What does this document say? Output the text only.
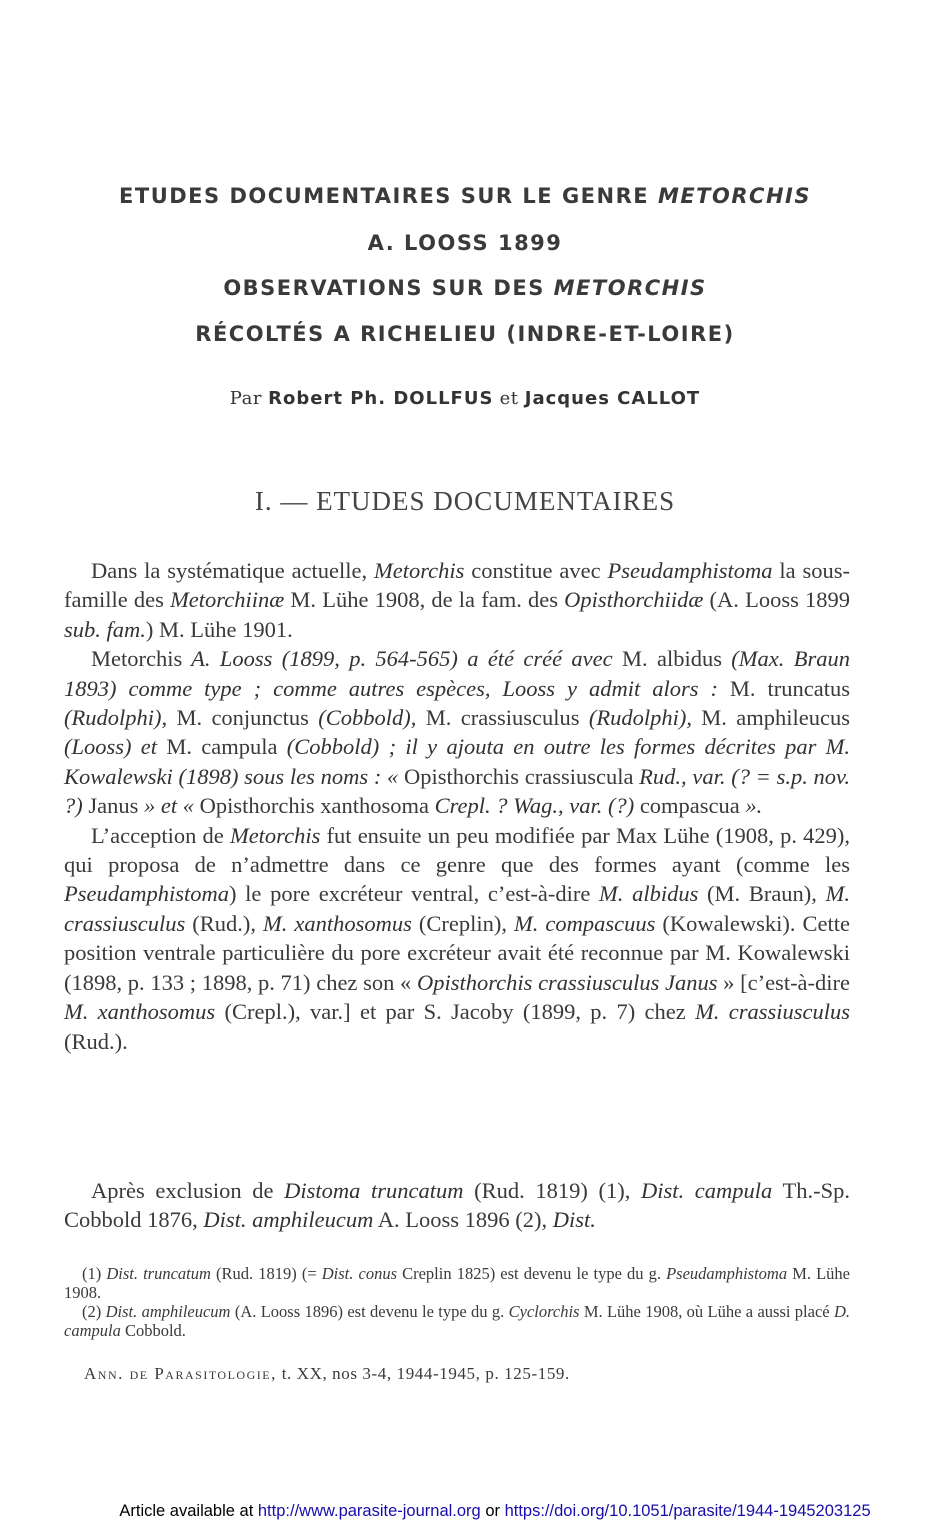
ETUDES DOCUMENTAIRES SUR LE GENRE METORCHIS
A. LOOSS 1899
OBSERVATIONS SUR DES METORCHIS
RÉCOLTÉS A RICHELIEU (INDRE-ET-LOIRE)
Par Robert Ph. DOLLFUS et Jacques CALLOT
I. — ETUDES DOCUMENTAIRES

Dans la systématique actuelle, Metorchis constitue avec Pseudamphistoma la sous-famille des Metorchiinæ M. Lühe 1908, de la fam. des Opisthorchiidæ (A. Looss 1899 sub. fam.) M. Lühe 1901.

Metorchis A. Looss (1899, p. 564-565) a été créé avec M. albidus (Max. Braun 1893) comme type ; comme autres espèces, Looss y admit alors : M. truncatus (Rudolphi), M. conjunctus (Cobbold), M. crassiusculus (Rudolphi), M. amphileucus (Looss) et M. campula (Cobbold) ; il y ajouta en outre les formes décrites par M. Kowalewski (1898) sous les noms : « Opisthorchis crassiuscula Rud., var. (? = s.p. nov. ?) Janus » et « Opisthorchis xanthosoma Crepl. ? Wag., var. (?) compascua ».

L’acception de Metorchis fut ensuite un peu modifiée par Max Lühe (1908, p. 429), qui proposa de n’admettre dans ce genre que des formes ayant (comme les Pseudamphistoma) le pore excréteur ventral, c’est-à-dire M. albidus (M. Braun), M. crassiusculus (Rud.), M. xanthosomus (Creplin), M. compascuus (Kowalewski). Cette position ventrale particulière du pore excréteur avait été reconnue par M. Kowalewski (1898, p. 133 ; 1898, p. 71) chez son « Opisthorchis crassiusculus Janus » [c’est-à-dire M. xanthosomus (Crepl.), var.] et par S. Jacoby (1899, p. 7) chez M. crassiusculus (Rud.).

Après exclusion de Distoma truncatum (Rud. 1819) (1), Dist. campula Th.-Sp. Cobbold 1876, Dist. amphileucum A. Looss 1896 (2), Dist.

(1) Dist. truncatum (Rud. 1819) (= Dist. conus Creplin 1825) est devenu le type du g. Pseudamphistoma M. Lühe 1908.

(2) Dist. amphileucum (A. Looss 1896) est devenu le type du g. Cyclorchis M. Lühe 1908, où Lühe a aussi placé D. campula Cobbold.

Ann. de Parasitologie, t. XX, nos 3-4, 1944-1945, p. 125-159.
Article available at http://www.parasite-journal.org or https://doi.org/10.1051/parasite/1944-1945203125
